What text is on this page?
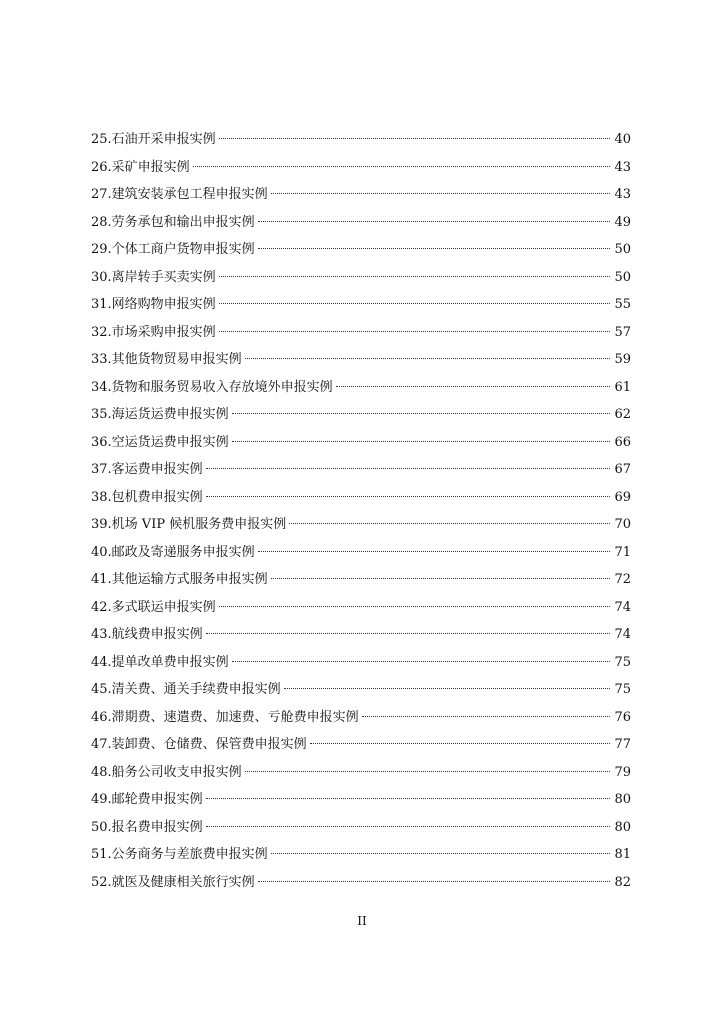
25.石油开采申报实例	40
26.采矿申报实例	43
27.建筑安装承包工程申报实例	43
28.劳务承包和输出申报实例	49
29.个体工商户货物申报实例	50
30.离岸转手买卖实例	50
31.网络购物申报实例	55
32.市场采购申报实例	57
33.其他货物贸易申报实例	59
34.货物和服务贸易收入存放境外申报实例	61
35.海运货运费申报实例	62
36.空运货运费申报实例	66
37.客运费申报实例	67
38.包机费申报实例	69
39.机场 VIP 候机服务费申报实例	70
40.邮政及寄递服务申报实例	71
41.其他运输方式服务申报实例	72
42.多式联运申报实例	74
43.航线费申报实例	74
44.提单改单费申报实例	75
45.清关费、通关手续费申报实例	75
46.滞期费、速遣费、加速费、亏舱费申报实例	76
47.装卸费、仓储费、保管费申报实例	77
48.船务公司收支申报实例	79
49.邮轮费申报实例	80
50.报名费申报实例	80
51.公务商务与差旅费申报实例	81
52.就医及健康相关旅行实例	82
II
